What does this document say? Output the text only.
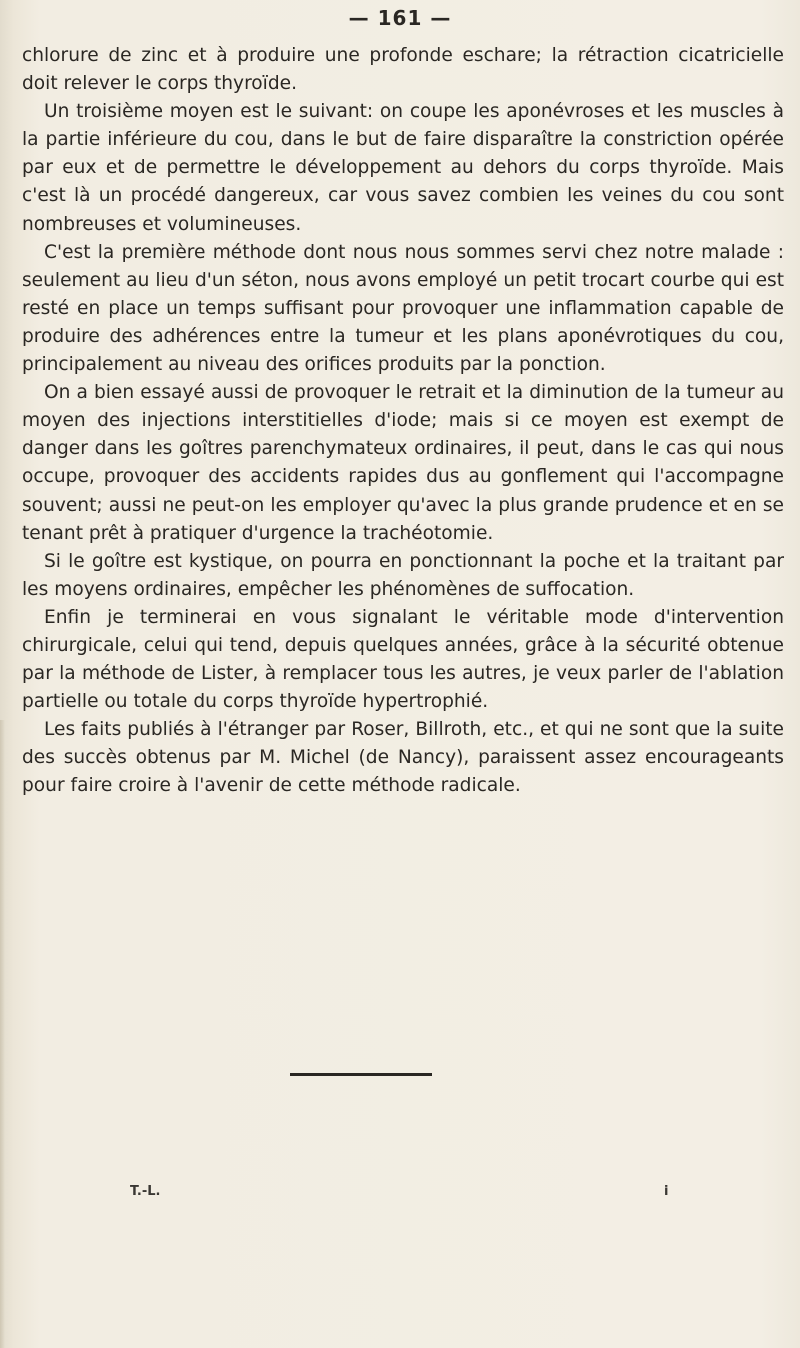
— 161 —

chlorure de zinc et à produire une profonde eschare; la rétraction cicatricielle doit relever le corps thyroïde.

Un troisième moyen est le suivant: on coupe les aponévroses et les muscles à la partie inférieure du cou, dans le but de faire disparaître la constriction opérée par eux et de permettre le développement au dehors du corps thyroïde. Mais c'est là un procédé dangereux, car vous savez combien les veines du cou sont nombreuses et volumineuses.

C'est la première méthode dont nous nous sommes servi chez notre malade : seulement au lieu d'un séton, nous avons employé un petit trocart courbe qui est resté en place un temps suffisant pour provoquer une inflammation capable de produire des adhérences entre la tumeur et les plans aponévrotiques du cou, principalement au niveau des orifices produits par la ponction.

On a bien essayé aussi de provoquer le retrait et la diminution de la tumeur au moyen des injections interstitielles d'iode; mais si ce moyen est exempt de danger dans les goîtres parenchymateux ordinaires, il peut, dans le cas qui nous occupe, provoquer des accidents rapides dus au gonflement qui l'accompagne souvent; aussi ne peut-on les employer qu'avec la plus grande prudence et en se tenant prêt à pratiquer d'urgence la trachéotomie.

Si le goître est kystique, on pourra en ponctionnant la poche et la traitant par les moyens ordinaires, empêcher les phénomènes de suffocation.

Enfin je terminerai en vous signalant le véritable mode d'intervention chirurgicale, celui qui tend, depuis quelques années, grâce à la sécurité obtenue par la méthode de Lister, à remplacer tous les autres, je veux parler de l'ablation partielle ou totale du corps thyroïde hypertrophié.

Les faits publiés à l'étranger par Roser, Billroth, etc., et qui ne sont que la suite des succès obtenus par M. Michel (de Nancy), paraissent assez encourageants pour faire croire à l'avenir de cette méthode radicale.

T.-L.	i
